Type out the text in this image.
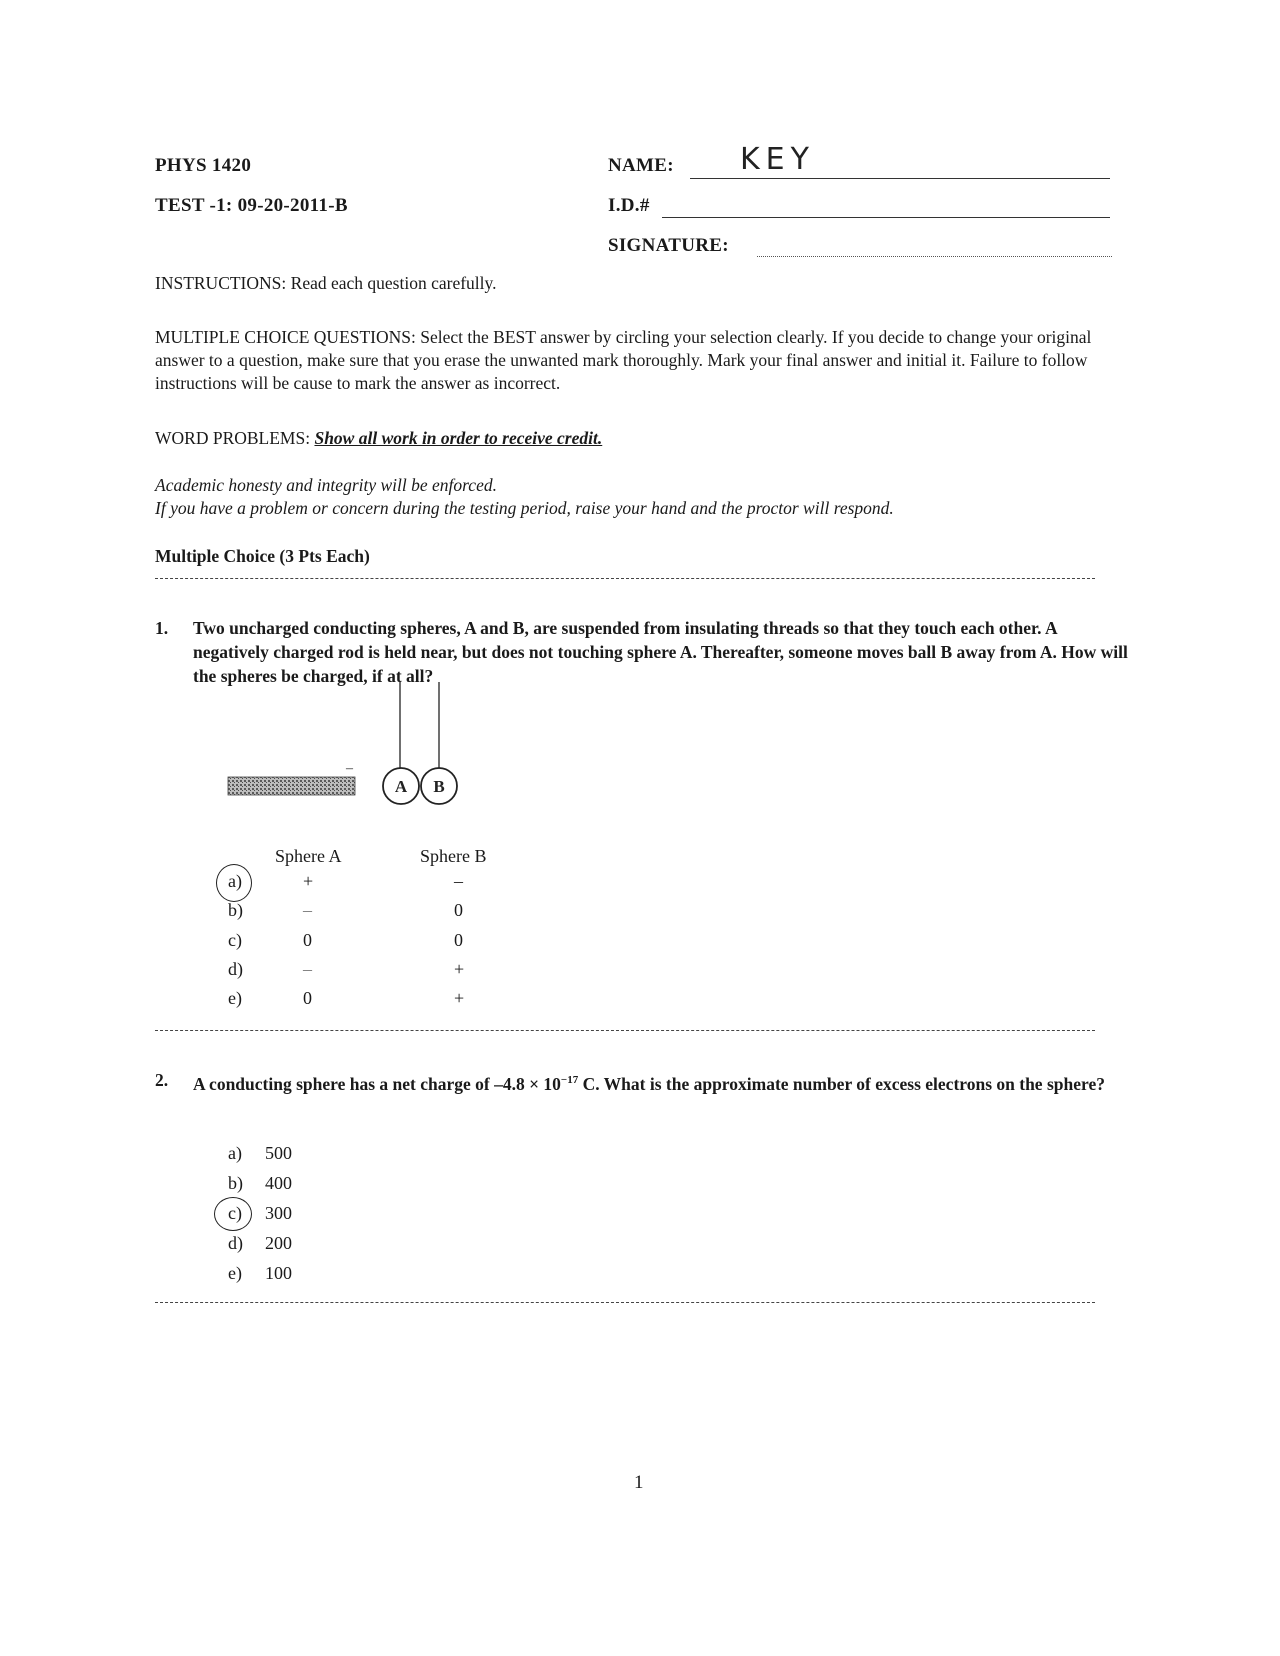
PHYS 1420
TEST -1: 09-20-2011-B
NAME: KEY
I.D.#
SIGNATURE:
INSTRUCTIONS: Read each question carefully.
MULTIPLE CHOICE QUESTIONS: Select the BEST answer by circling your selection clearly. If you decide to change your original answer to a question, make sure that you erase the unwanted mark thoroughly. Mark your final answer and initial it. Failure to follow instructions will be cause to mark the answer as incorrect.
WORD PROBLEMS: Show all work in order to receive credit.
Academic honesty and integrity will be enforced.
If you have a problem or concern during the testing period, raise your hand and the proctor will respond.
Multiple Choice (3 Pts Each)
1. Two uncharged conducting spheres, A and B, are suspended from insulating threads so that they touch each other. A negatively charged rod is held near, but does not touching sphere A. Thereafter, someone moves ball B away from A. How will the spheres be charged, if at all?
–
A B
Sphere A	Sphere B
a)	+	–
b)	–	0
c)	0	0
d)	–	+
e)	0	+
2. A conducting sphere has a net charge of $-4.8 \times 10^{-17}$ C. What is the approximate number of excess electrons on the sphere?
a) 500
b) 400
c) 300
d) 200
e) 100
1
